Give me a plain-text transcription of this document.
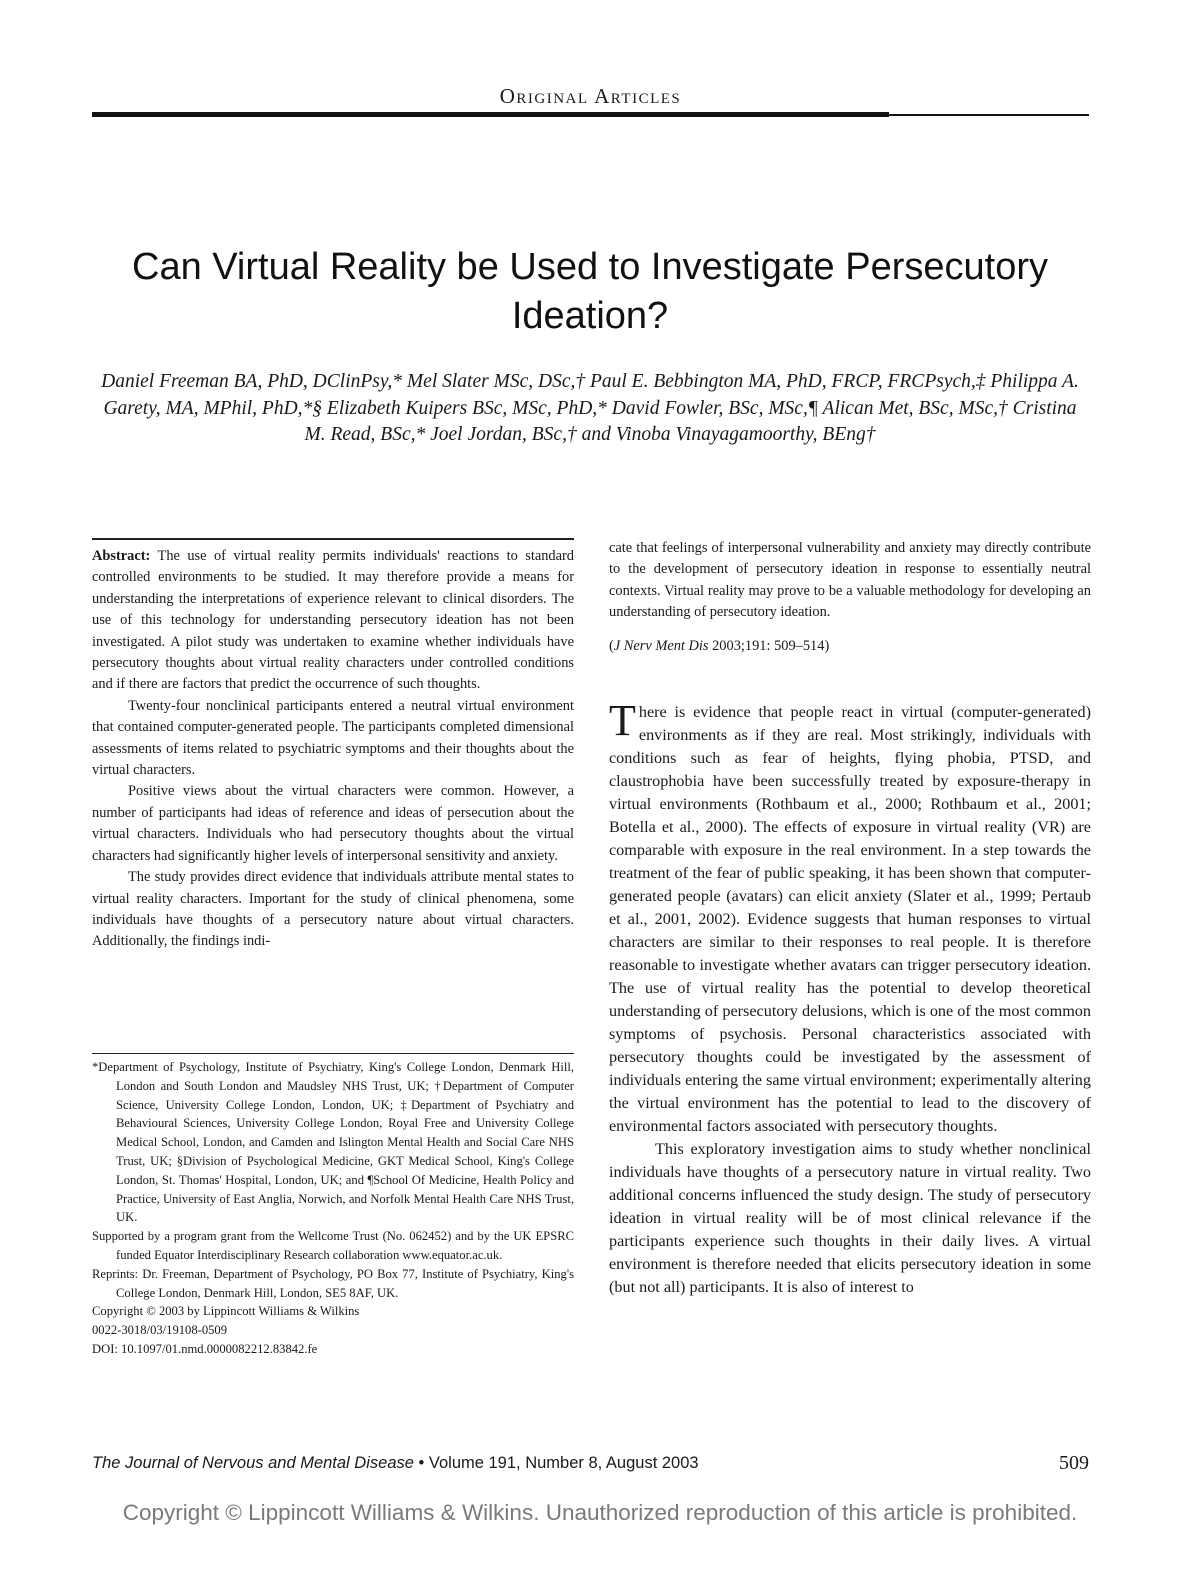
Original Articles
Can Virtual Reality be Used to Investigate Persecutory Ideation?
Daniel Freeman BA, PhD, DClinPsy,* Mel Slater MSc, DSc,† Paul E. Bebbington MA, PhD, FRCP, FRCPsych,‡ Philippa A. Garety, MA, MPhil, PhD,*§ Elizabeth Kuipers BSc, MSc, PhD,* David Fowler, BSc, MSc,¶ Alican Met, BSc, MSc,† Cristina M. Read, BSc,* Joel Jordan, BSc,† and Vinoba Vinayagamoorthy, BEng†

Abstract: The use of virtual reality permits individuals' reactions to standard controlled environments to be studied. It may therefore provide a means for understanding the interpretations of experience relevant to clinical disorders. The use of this technology for understanding persecutory ideation has not been investigated. A pilot study was undertaken to examine whether individuals have persecutory thoughts about virtual reality characters under controlled conditions and if there are factors that predict the occurrence of such thoughts.

Twenty-four nonclinical participants entered a neutral virtual environment that contained computer-generated people. The participants completed dimensional assessments of items related to psychiatric symptoms and their thoughts about the virtual characters.

Positive views about the virtual characters were common. However, a number of participants had ideas of reference and ideas of persecution about the virtual characters. Individuals who had persecutory thoughts about the virtual characters had significantly higher levels of interpersonal sensitivity and anxiety.

The study provides direct evidence that individuals attribute mental states to virtual reality characters. Important for the study of clinical phenomena, some individuals have thoughts of a persecutory nature about virtual characters. Additionally, the findings indi-

*Department of Psychology, Institute of Psychiatry, King's College London, Denmark Hill, London and South London and Maudsley NHS Trust, UK; †Department of Computer Science, University College London, London, UK; ‡Department of Psychiatry and Behavioural Sciences, University College London, Royal Free and University College Medical School, London, and Camden and Islington Mental Health and Social Care NHS Trust, UK; §Division of Psychological Medicine, GKT Medical School, King's College London, St. Thomas' Hospital, London, UK; and ¶School Of Medicine, Health Policy and Practice, University of East Anglia, Norwich, and Norfolk Mental Health Care NHS Trust, UK.

Supported by a program grant from the Wellcome Trust (No. 062452) and by the UK EPSRC funded Equator Interdisciplinary Research collaboration www.equator.ac.uk.

Reprints: Dr. Freeman, Department of Psychology, PO Box 77, Institute of Psychiatry, King's College London, Denmark Hill, London, SE5 8AF, UK.

Copyright © 2003 by Lippincott Williams & Wilkins

0022-3018/03/19108-0509

DOI: 10.1097/01.nmd.0000082212.83842.fe

cate that feelings of interpersonal vulnerability and anxiety may directly contribute to the development of persecutory ideation in response to essentially neutral contexts. Virtual reality may prove to be a valuable methodology for developing an understanding of persecutory ideation.

(J Nerv Ment Dis 2003;191: 509–514)

There is evidence that people react in virtual (computer-generated) environments as if they are real. Most strikingly, individuals with conditions such as fear of heights, flying phobia, PTSD, and claustrophobia have been successfully treated by exposure-therapy in virtual environments (Rothbaum et al., 2000; Rothbaum et al., 2001; Botella et al., 2000). The effects of exposure in virtual reality (VR) are comparable with exposure in the real environment. In a step towards the treatment of the fear of public speaking, it has been shown that computer-generated people (avatars) can elicit anxiety (Slater et al., 1999; Pertaub et al., 2001, 2002). Evidence suggests that human responses to virtual characters are similar to their responses to real people. It is therefore reasonable to investigate whether avatars can trigger persecutory ideation. The use of virtual reality has the potential to develop theoretical understanding of persecutory delusions, which is one of the most common symptoms of psychosis. Personal characteristics associated with persecutory thoughts could be investigated by the assessment of individuals entering the same virtual environment; experimentally altering the virtual environment has the potential to lead to the discovery of environmental factors associated with persecutory thoughts.

This exploratory investigation aims to study whether nonclinical individuals have thoughts of a persecutory nature in virtual reality. Two additional concerns influenced the study design. The study of persecutory ideation in virtual reality will be of most clinical relevance if the participants experience such thoughts in their daily lives. A virtual environment is therefore needed that elicits persecutory ideation in some (but not all) participants. It is also of interest to

The Journal of Nervous and Mental Disease • Volume 191, Number 8, August 2003	509
Copyright © Lippincott Williams & Wilkins. Unauthorized reproduction of this article is prohibited.
